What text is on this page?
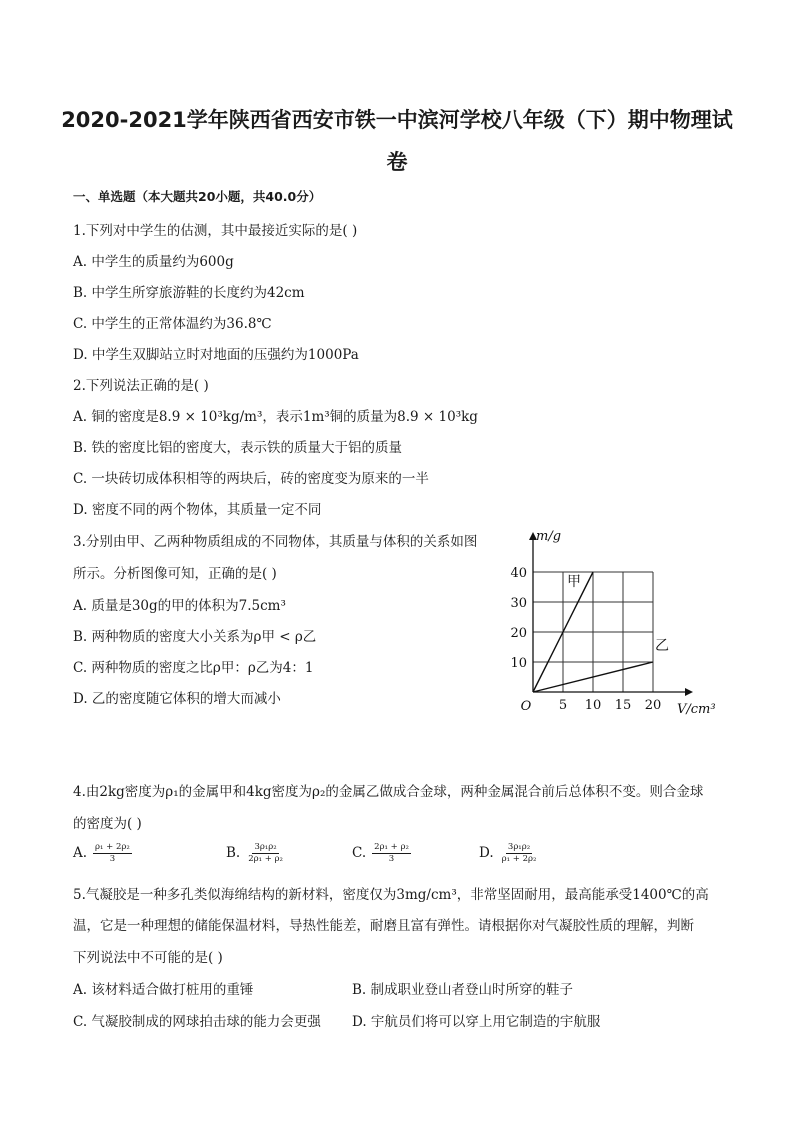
2020-2021学年陕西省西安市铁一中滨河学校八年级（下）期中物理试
卷
一、单选题（本大题共20小题，共40.0分）
1.下列对中学生的估测，其中最接近实际的是( )
A. 中学生的质量约为600g
B. 中学生所穿旅游鞋的长度约为42cm
C. 中学生的正常体温约为36.8℃
D. 中学生双脚站立时对地面的压强约为1000Pa
2.下列说法正确的是( )
A. 铜的密度是8.9 × 10³kg/m³，表示1m³铜的质量为8.9 × 10³kg
B. 铁的密度比铝的密度大，表示铁的质量大于铝的质量
C. 一块砖切成体积相等的两块后，砖的密度变为原来的一半
D. 密度不同的两个物体，其质量一定不同
3.分别由甲、乙两种物质组成的不同物体，其质量与体积的关系如图
所示。分析图像可知，正确的是( )
A. 质量是30g的甲的体积为7.5cm³
B. 两种物质的密度大小关系为ρ甲 < ρ乙
C. 两种物质的密度之比ρ甲：ρ乙为4：1
D. 乙的密度随它体积的增大而减小	5 10 15 20
10
20
30
40
O
m/g
V/cm³
甲
乙
4.由2kg密度为ρ₁的金属甲和4kg密度为ρ₂的金属乙做成合金球，两种金属混合前后总体积不变。则合金球
的密度为( )
A. $\frac{\text{ρ₁ + 2ρ₂}}{3}$	B. $\frac{\text{3ρ₁ρ₂}}{\text{2ρ₁ + ρ₂}}$	C. $\frac{\text{2ρ₁ + ρ₂}}{3}$	D. $\frac{\text{3ρ₁ρ₂}}{\text{ρ₁ + 2ρ₂}}$
5.气凝胶是一种多孔类似海绵结构的新材料，密度仅为3mg/cm³，非常坚固耐用，最高能承受1400℃的高
温，它是一种理想的储能保温材料，导热性能差，耐磨且富有弹性。请根据你对气凝胶性质的理解，判断
下列说法中不可能的是( )
A. 该材料适合做打桩用的重锤	B. 制成职业登山者登山时所穿的鞋子
C. 气凝胶制成的网球拍击球的能力会更强 D. 宇航员们将可以穿上用它制造的宇航服
